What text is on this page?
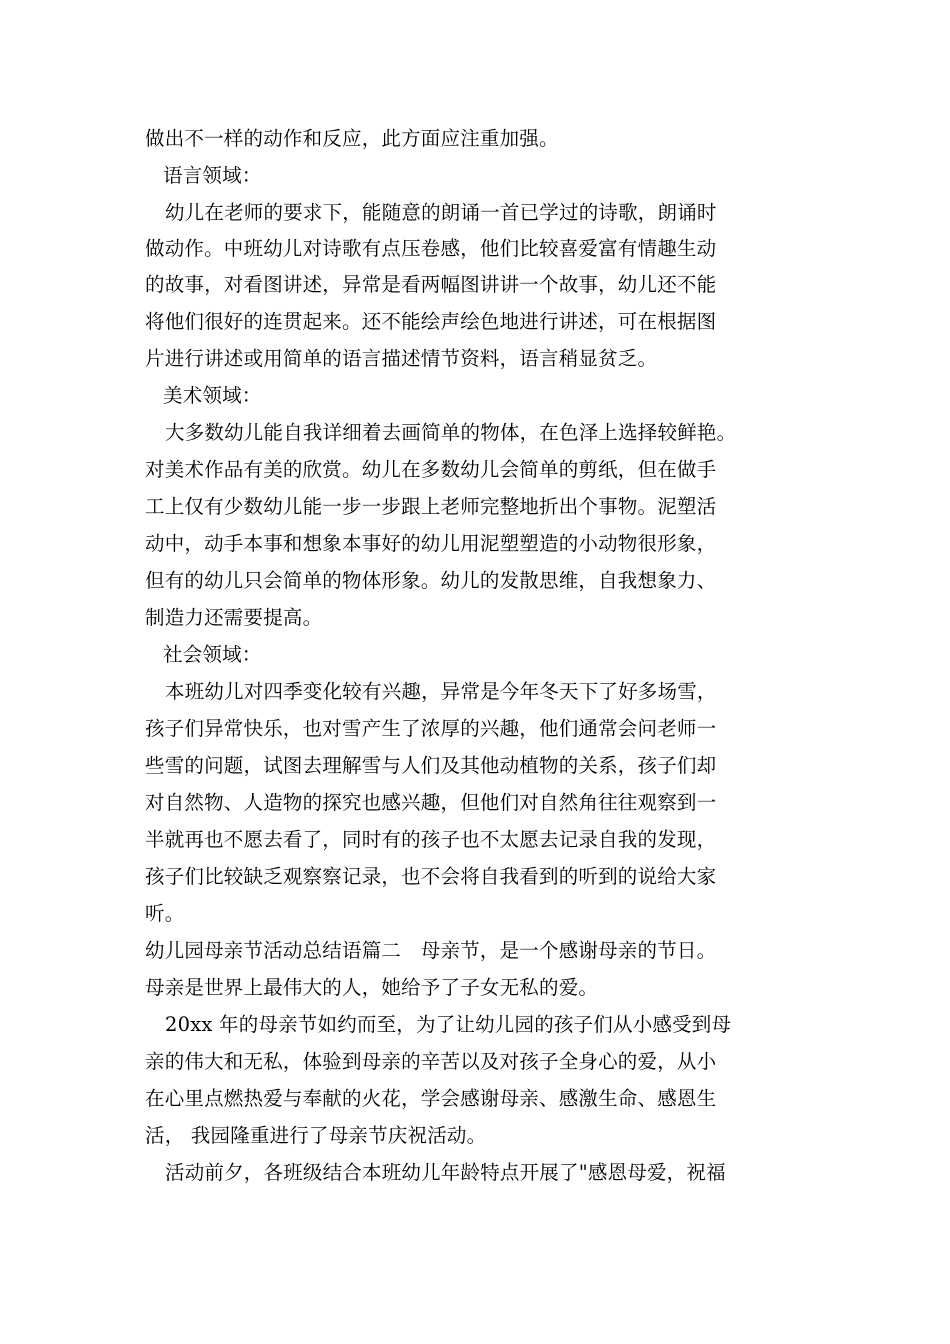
做出不一样的动作和反应，此方面应注重加强。
语言领域：
幼儿在老师的要求下，能随意的朗诵一首已学过的诗歌，朗诵时
做动作。中班幼儿对诗歌有点压卷感，他们比较喜爱富有情趣生动
的故事，对看图讲述，异常是看两幅图讲讲一个故事，幼儿还不能
将他们很好的连贯起来。还不能绘声绘色地进行讲述，可在根据图
片进行讲述或用简单的语言描述情节资料，语言稍显贫乏。
美术领域：
大多数幼儿能自我详细着去画简单的物体，在色泽上选择较鲜艳。
对美术作品有美的欣赏。幼儿在多数幼儿会简单的剪纸，但在做手
工上仅有少数幼儿能一步一步跟上老师完整地折出个事物。泥塑活
动中，动手本事和想象本事好的幼儿用泥塑塑造的小动物很形象，
但有的幼儿只会简单的物体形象。幼儿的发散思维，自我想象力、
制造力还需要提高。
社会领域：
本班幼儿对四季变化较有兴趣，异常是今年冬天下了好多场雪，
孩子们异常快乐，也对雪产生了浓厚的兴趣，他们通常会问老师一
些雪的问题，试图去理解雪与人们及其他动植物的关系，孩子们却
对自然物、人造物的探究也感兴趣，但他们对自然角往往观察到一
半就再也不愿去看了，同时有的孩子也不太愿去记录自我的发现，
孩子们比较缺乏观察察记录，也不会将自我看到的听到的说给大家
听。
幼儿园母亲节活动总结语篇二　母亲节，是一个感谢母亲的节日。
母亲是世界上最伟大的人，她给予了子女无私的爱。
20xx 年的母亲节如约而至，为了让幼儿园的孩子们从小感受到母
亲的伟大和无私，体验到母亲的辛苦以及对孩子全身心的爱，从小
在心里点燃热爱与奉献的火花，学会感谢母亲、感激生命、感恩生
活， 我园隆重进行了母亲节庆祝活动。
活动前夕，各班级结合本班幼儿年龄特点开展了"感恩母爱，祝福
